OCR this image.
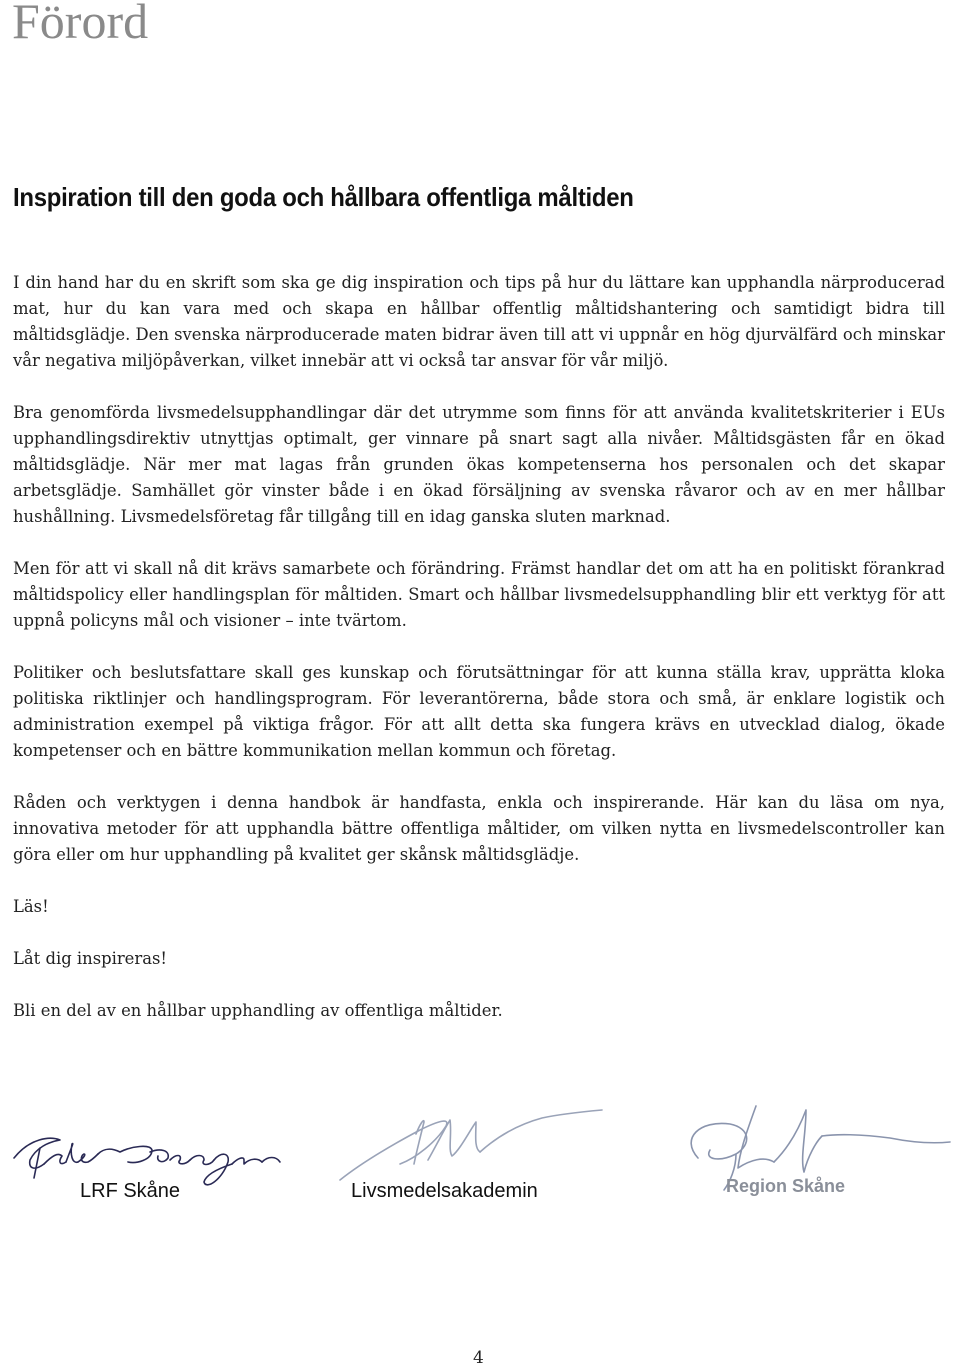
Förord
Inspiration till den goda och hållbara offentliga måltiden

I din hand har du en skrift som ska ge dig inspiration och tips på hur du lättare kan upphandla närproducerad mat, hur du kan vara med och skapa en hållbar offentlig måltidshantering och samtidigt bidra till måltidsglädje. Den svenska närproducerade maten bidrar även till att vi uppnår en hög djurvälfärd och minskar vår negativa miljöpåverkan, vilket innebär att vi också tar ansvar för vår miljö.

Bra genomförda livsmedelsupphandlingar där det utrymme som finns för att använda kvalitetskriterier i EUs upphandlingsdirektiv utnyttjas optimalt, ger vinnare på snart sagt alla nivåer. Måltidsgästen får en ökad måltidsglädje. När mer mat lagas från grunden ökas kompetenserna hos personalen och det skapar arbetsglädje. Samhället gör vinster både i en ökad försäljning av svenska råvaror och av en mer hållbar hushållning. Livsmedelsföretag får tillgång till en idag ganska sluten marknad.

Men för att vi skall nå dit krävs samarbete och förändring. Främst handlar det om att ha en politiskt förankrad måltidspolicy eller handlingsplan för måltiden. Smart och hållbar livsmedelsupphandling blir ett verktyg för att uppnå policyns mål och visioner – inte tvärtom.

Politiker och beslutsfattare skall ges kunskap och förutsättningar för att kunna ställa krav, upprätta kloka politiska riktlinjer och handlingsprogram. För leverantörerna, både stora och små, är enklare logistik och administration exempel på viktiga frågor. För att allt detta ska fungera krävs en utvecklad dialog, ökade kompetenser och en bättre kommunikation mellan kommun och företag.

Råden och verktygen i denna handbok är handfasta, enkla och inspirerande. Här kan du läsa om nya, innovativa metoder för att upphandla bättre offentliga måltider, om vilken nytta en livsmedelscontroller kan göra eller om hur upphandling på kvalitet ger skånsk måltidsglädje.

Läs!

Låt dig inspireras!

Bli en del av en hållbar upphandling av offentliga måltider.

LRF Skåne	Livsmedelsakademin	Region Skåne
4
